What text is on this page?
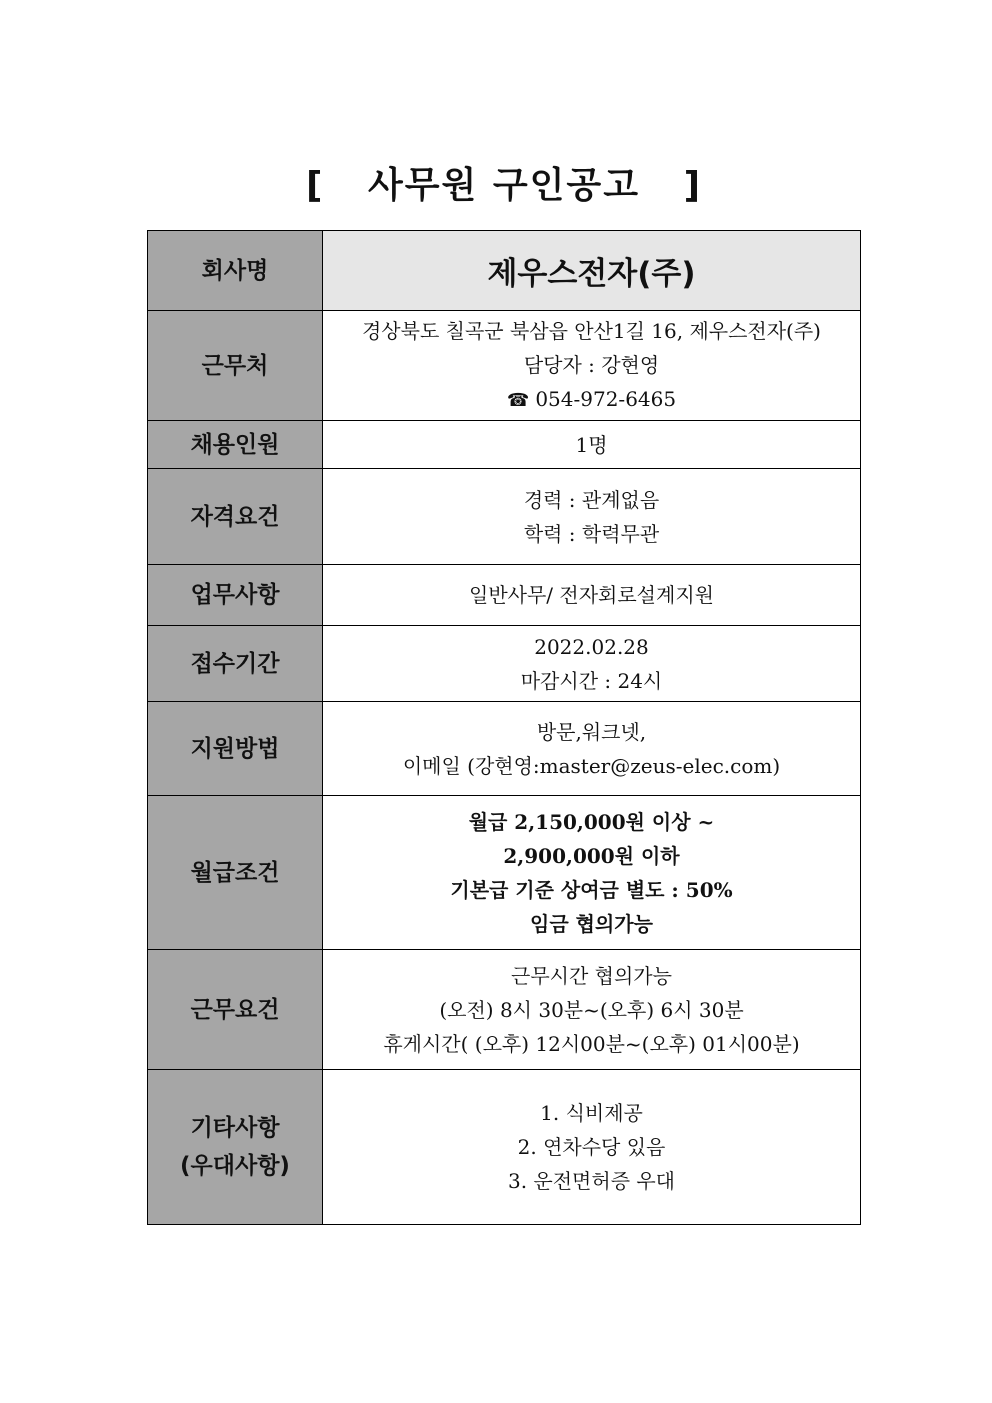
[   사무원 구인공고   ]
회사명	제우스전자(주)
근무처	경상북도 칠곡군 북삼읍 안산1길 16, 제우스전자(주)
담당자 : 강현영
☎ 054-972-6465

채용인원	1명
자격요건	경력 : 관계없음
학력 : 학력무관

업무사항	일반사무/ 전자회로설계지원
접수기간	2022.02.28
마감시간 : 24시

지원방법	방문,워크넷,
이메일 (강현영:master@zeus-elec.com)

월급조건	월급 2,150,000원 이상 ~
2,900,000원 이하
기본급 기준 상여금 별도 : 50%
임금 협의가능

근무요건	근무시간 협의가능
(오전) 8시 30분~(오후) 6시 30분
휴게시간( (오후) 12시00분~(오후) 01시00분)

기타사항
(우대사항)	1. 식비제공
2. 연차수당 있음
3. 운전면허증 우대
